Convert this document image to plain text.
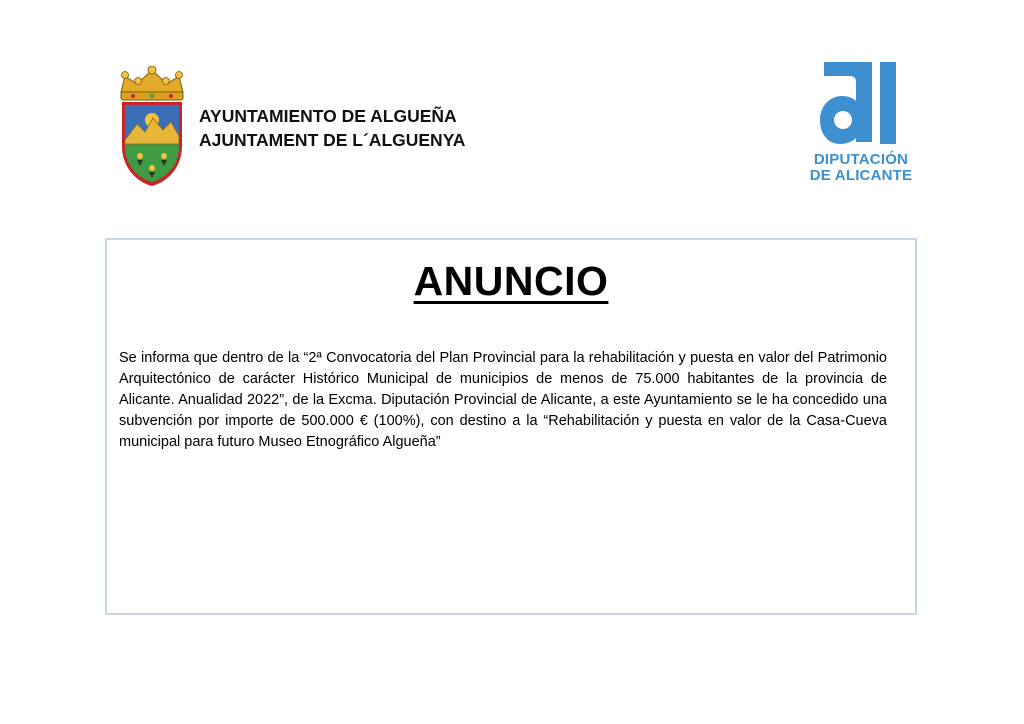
AYUNTAMIENTO DE ALGUEÑA
AJUNTAMENT DE L´ALGUENYA
DIPUTACIÓN
DE ALICANTE
ANUNCIO
Se informa que dentro de la “2ª Convocatoria del Plan Provincial para la rehabilitación y puesta en valor del Patrimonio Arquitectónico de carácter Histórico Municipal de municipios de menos de 75.000 habitantes de la provincia de Alicante. Anualidad 2022”, de la Excma. Diputación Provincial de Alicante, a este Ayuntamiento se le ha concedido una subvención por importe de 500.000 € (100%), con destino a la “Rehabilitación y puesta en valor de la Casa-Cueva municipal para futuro Museo Etnográfico Algueña”
